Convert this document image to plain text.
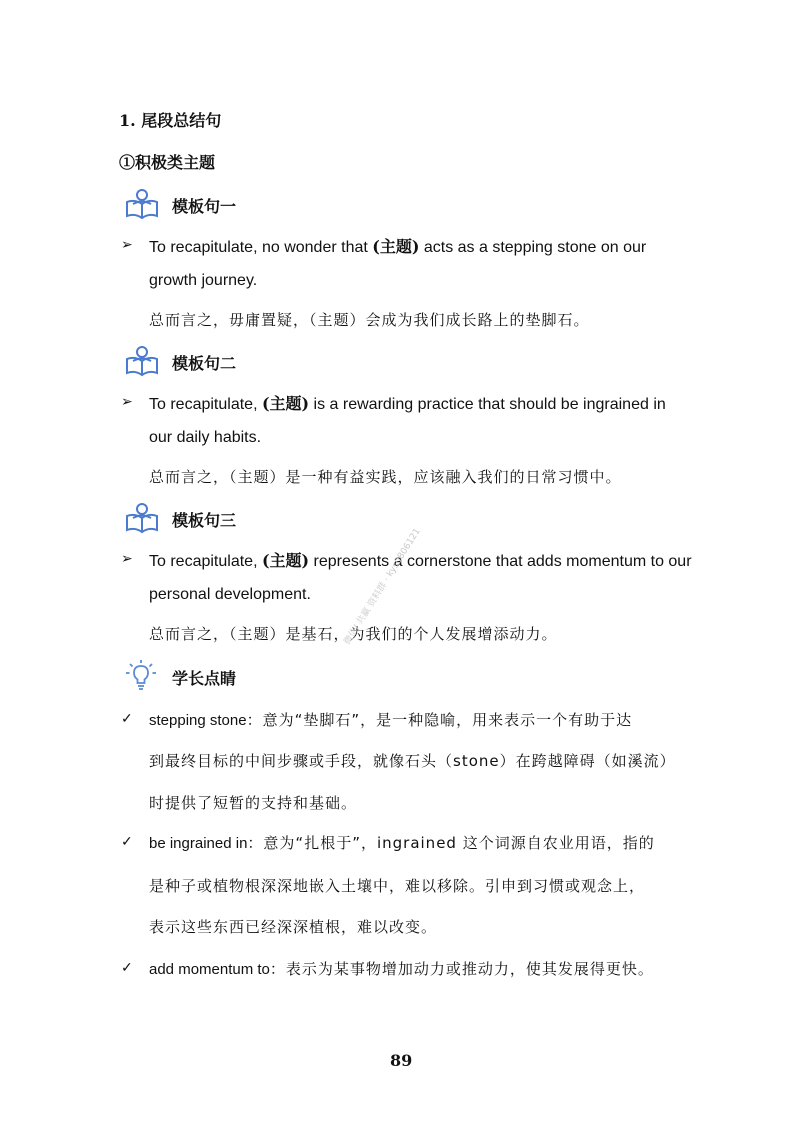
1. 尾段总结句
①积极类主题
模板句一
➢ To recapitulate, no wonder that (主题) acts as a stepping stone on our
growth journey.
总而言之，毋庸置疑，（主题）会成为我们成长路上的垫脚石。
模板句二
➢ To recapitulate, (主题) is a rewarding practice that should be ingrained in
our daily habits.
总而言之，（主题）是一种有益实践，应该融入我们的日常习惯中。
模板句三
➢ To recapitulate, (主题) represents a cornerstone that adds momentum to our
personal development.
总而言之，（主题）是基石，为我们的个人发展增添动力。
微信/ 共赢 资料群 · kys0806121
学长点睛
✓ stepping stone：意为“垫脚石”，是一种隐喻，用来表示一个有助于达
到最终目标的中间步骤或手段，就像石头（stone）在跨越障碍（如溪流）
时提供了短暂的支持和基础。
✓ be ingrained in：意为“扎根于”，ingrained 这个词源自农业用语，指的
是种子或植物根深深地嵌入土壤中，难以移除。引申到习惯或观念上，
表示这些东西已经深深植根，难以改变。
✓ add momentum to：表示为某事物增加动力或推动力，使其发展得更快。
89
